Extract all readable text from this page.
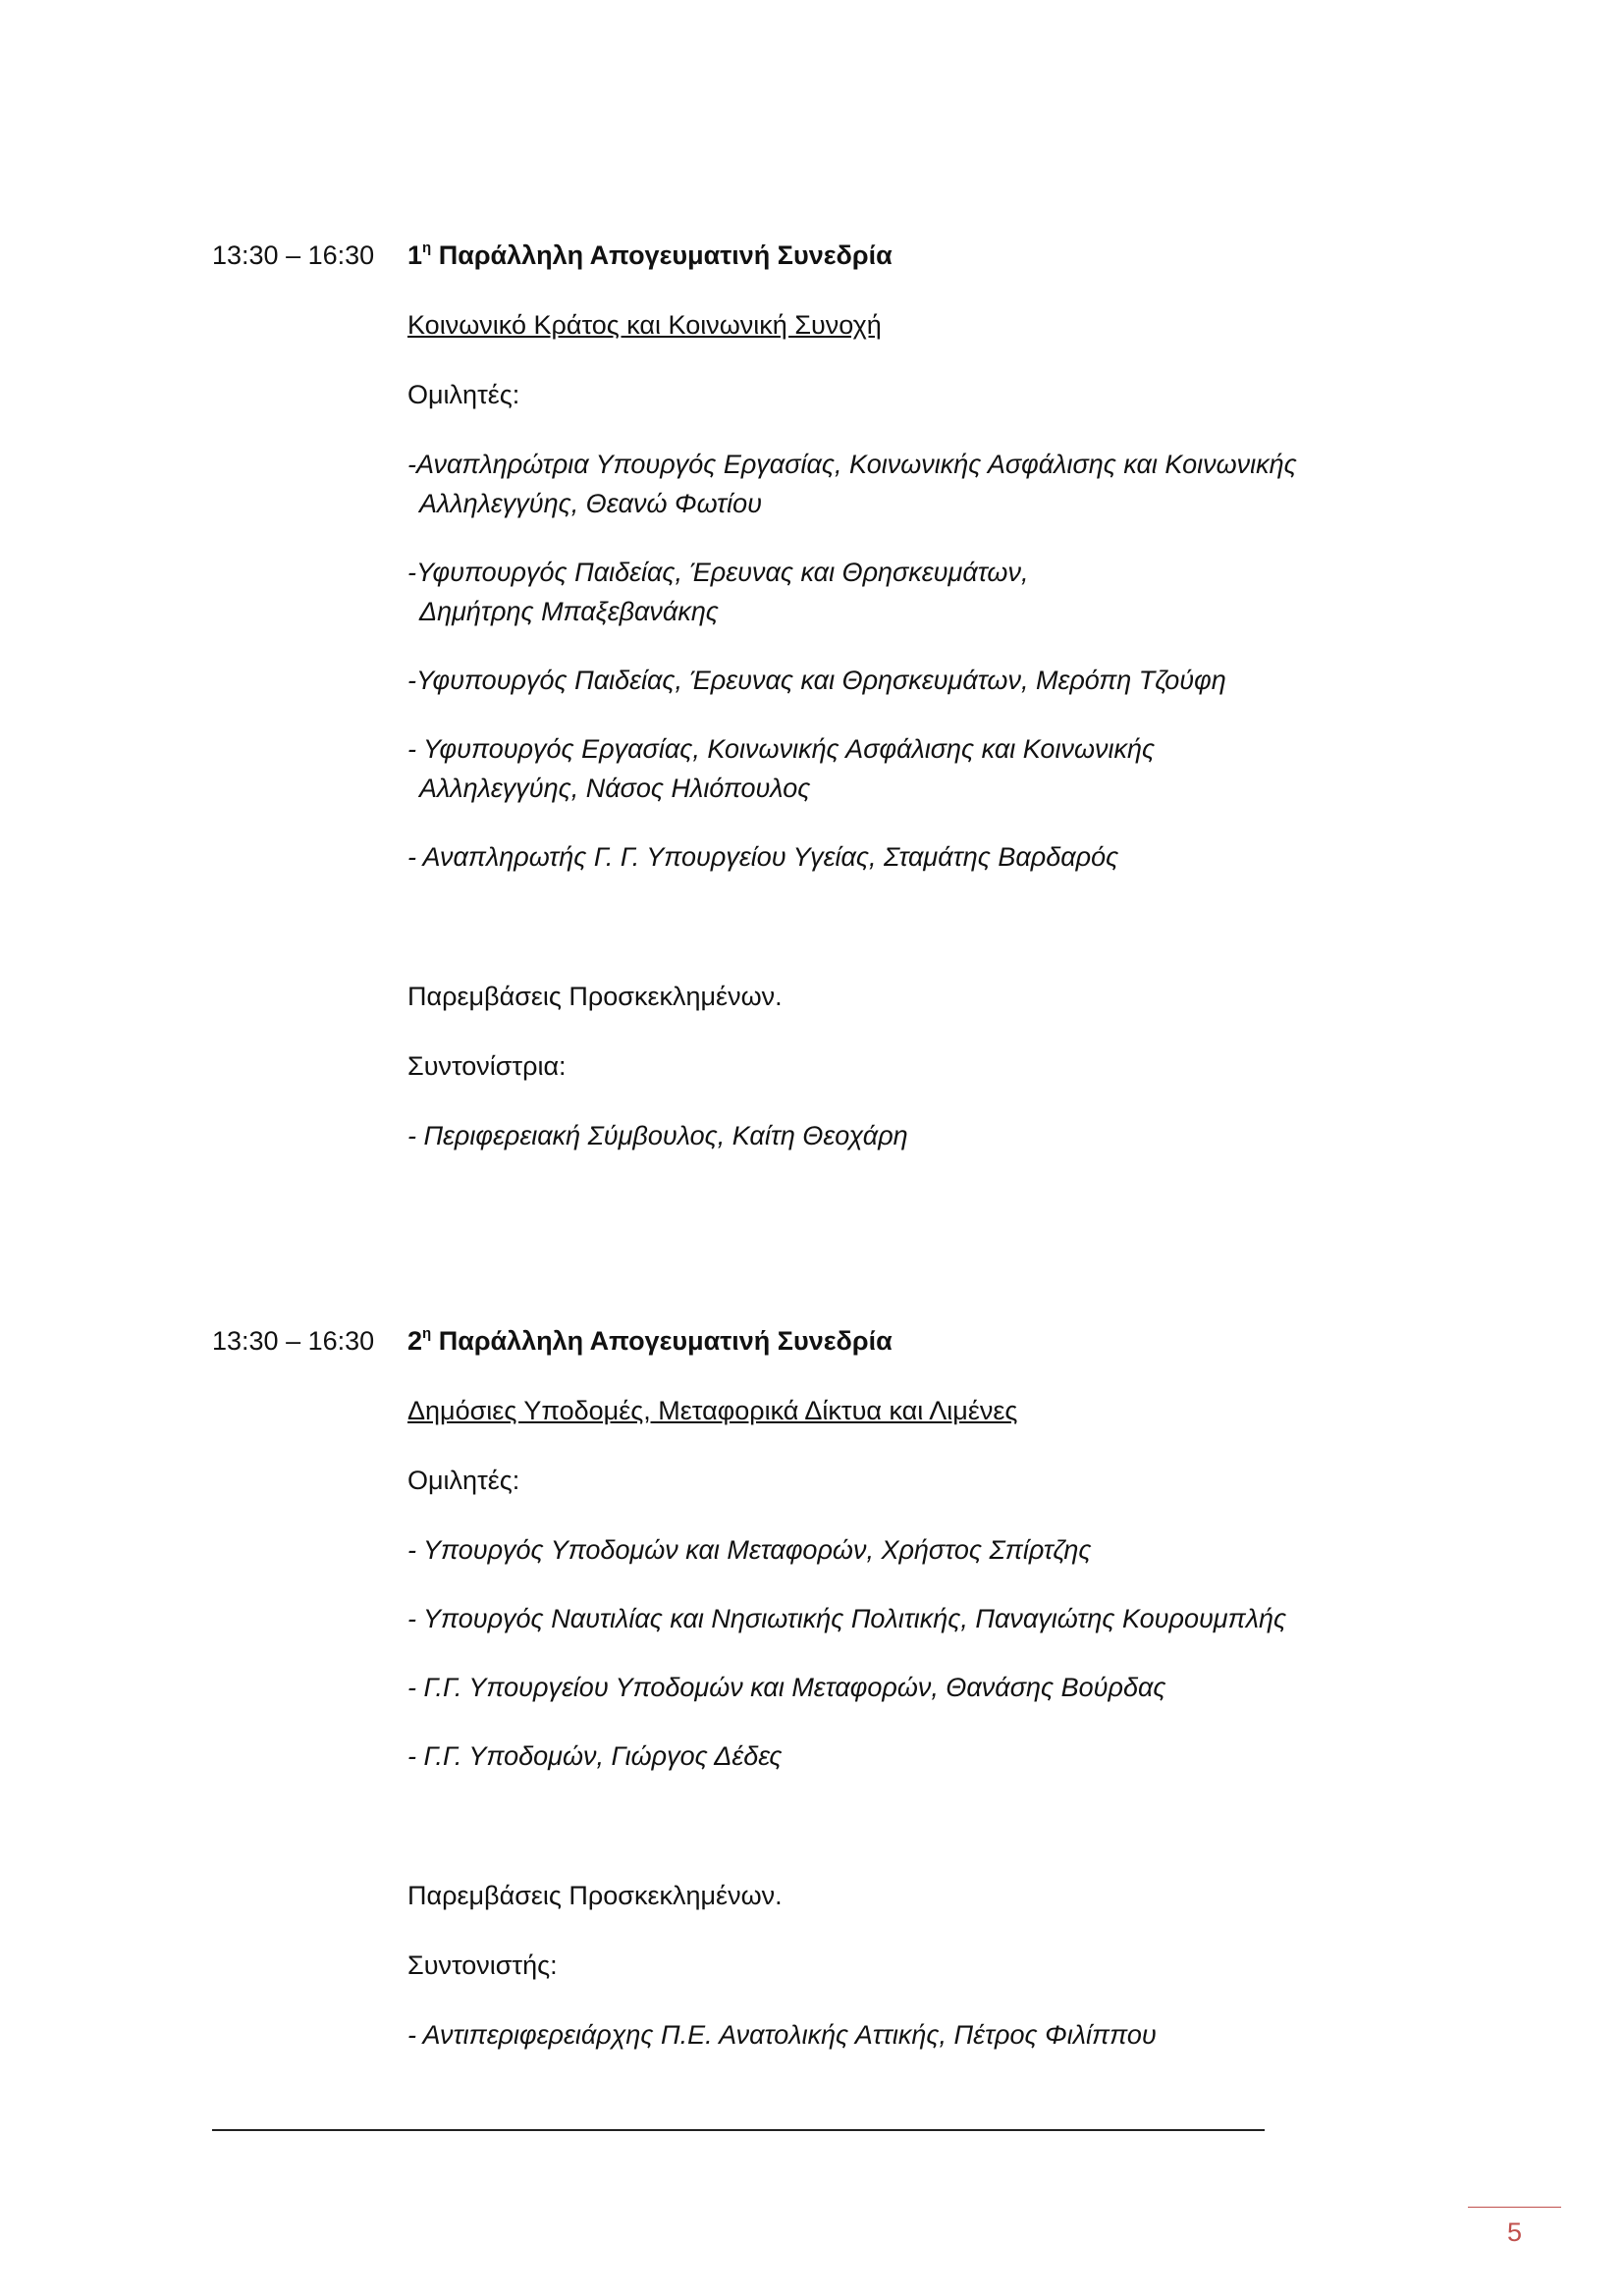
13:30 – 16:30 $1^\eta$ Παράλληλη Απογευματινή Συνεδρία

Κοινωνικό Κράτος και Κοινωνική Συνοχή

Ομιλητές:

-Αναπληρώτρια Υπουργός Εργασίας, Κοινωνικής Ασφάλισης και Κοινωνικής
Αλληλεγγύης, Θεανώ Φωτίου

-Υφυπουργός Παιδείας, Έρευνας και Θρησκευμάτων,
Δημήτρης Μπαξεβανάκης

-Υφυπουργός Παιδείας, Έρευνας και Θρησκευμάτων, Μερόπη Τζούφη

- Υφυπουργός Εργασίας, Κοινωνικής Ασφάλισης και Κοινωνικής
Αλληλεγγύης, Νάσος Ηλιόπουλος

- Αναπληρωτής Γ. Γ. Υπουργείου Υγείας, Σταμάτης Βαρδαρός

Παρεμβάσεις Προσκεκλημένων.

Συντονίστρια:

- Περιφερειακή Σύμβουλος, Καίτη Θεοχάρη

13:30 – 16:30 $2^\eta$ Παράλληλη Απογευματινή Συνεδρία

Δημόσιες Υποδομές, Μεταφορικά Δίκτυα και Λιμένες

Ομιλητές:

- Υπουργός Υποδομών και Μεταφορών, Χρήστος Σπίρτζης

- Υπουργός Ναυτιλίας και Νησιωτικής Πολιτικής, Παναγιώτης Κουρουμπλής

- Γ.Γ. Υπουργείου Υποδομών και Μεταφορών, Θανάσης Βούρδας

- Γ.Γ. Υποδομών, Γιώργος Δέδες

Παρεμβάσεις Προσκεκλημένων.

Συντονιστής:

- Αντιπεριφερειάρχης Π.Ε. Ανατολικής Αττικής, Πέτρος Φιλίππου

5
